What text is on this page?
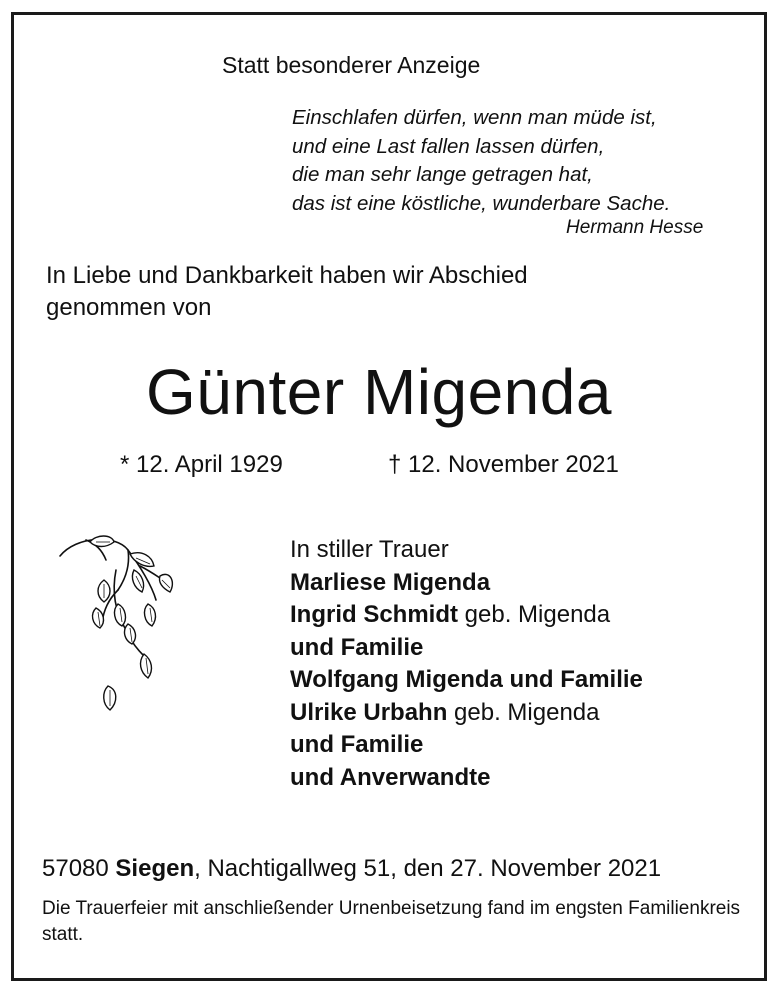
Statt besonderer Anzeige
Einschlafen dürfen, wenn man müde ist,
und eine Last fallen lassen dürfen,
die man sehr lange getragen hat,
das ist eine köstliche, wunderbare Sache.
Hermann Hesse
In Liebe und Dankbarkeit haben wir Abschied
genommen von
Günter Migenda
* 12. April 1929	† 12. November 2021
In stiller Trauer
Marliese Migenda
Ingrid Schmidt geb. Migenda
und Familie
Wolfgang Migenda und Familie
Ulrike Urbahn geb. Migenda
und Familie
und Anverwandte
57080 Siegen, Nachtigallweg 51, den 27. November 2021
Die Trauerfeier mit anschließender Urnenbeisetzung fand im engsten Familienkreis statt.
